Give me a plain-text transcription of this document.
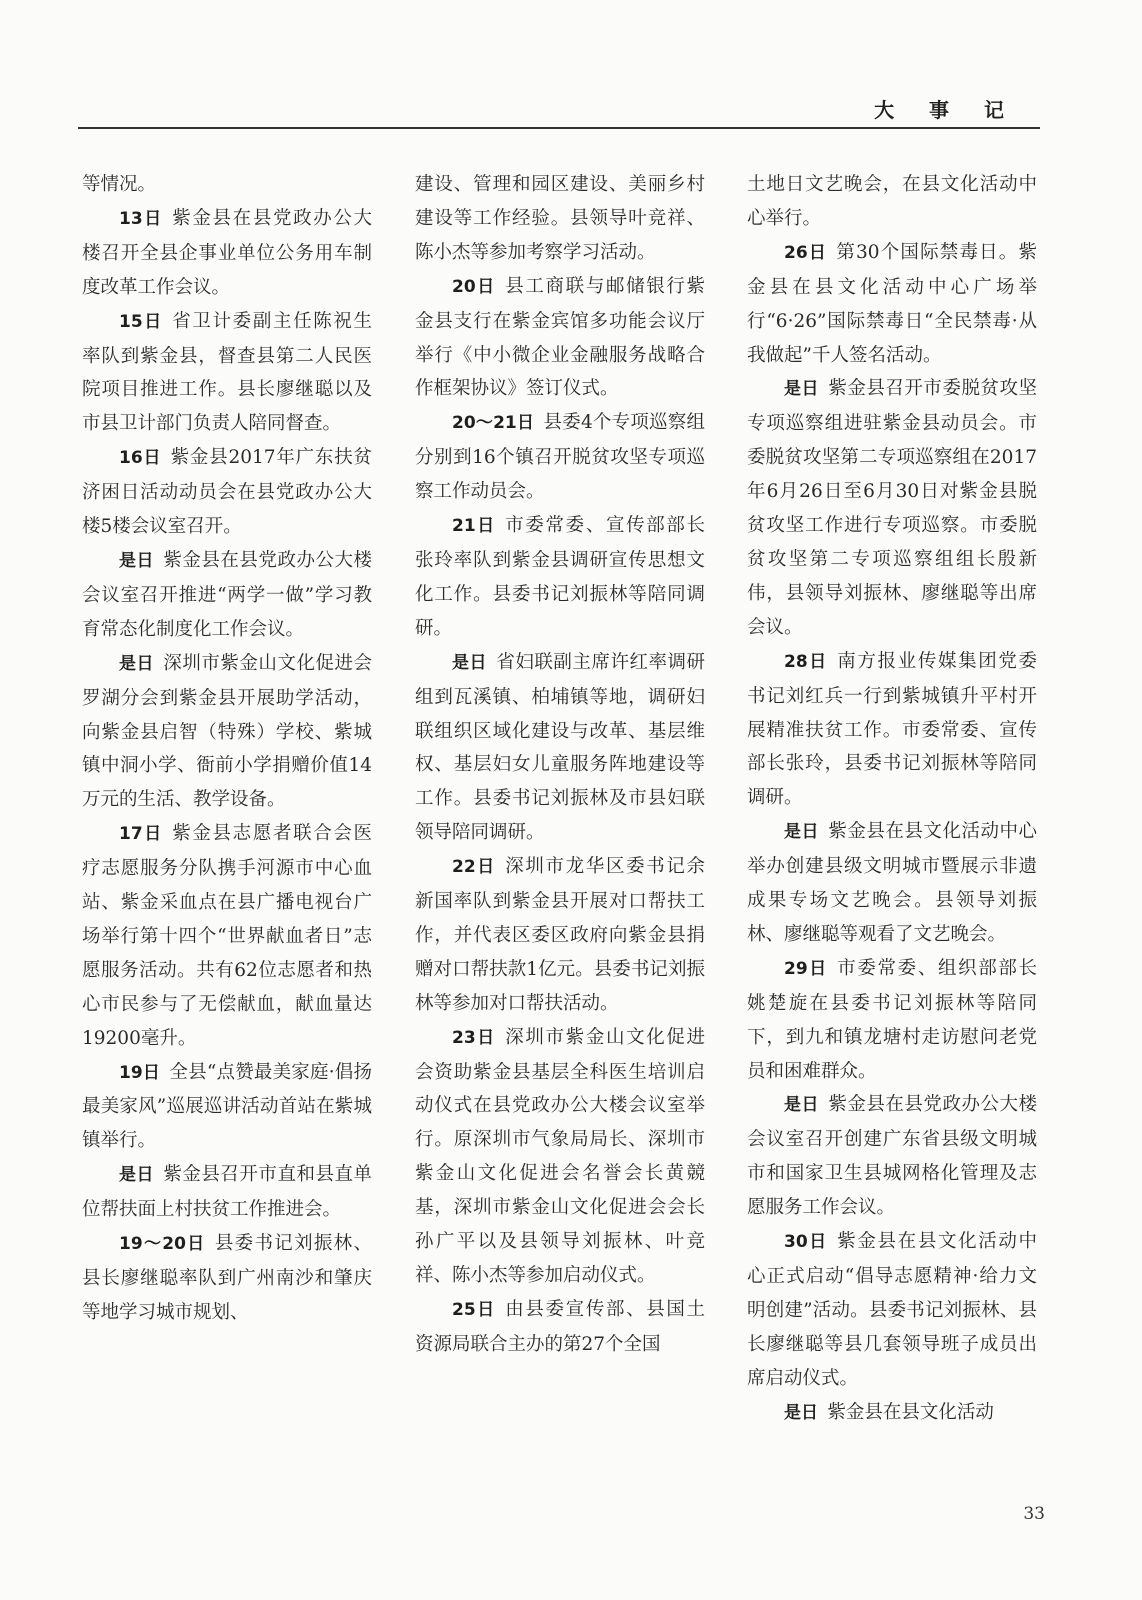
大 事 记

等情况。

13日 紫金县在县党政办公大楼召开全县企事业单位公务用车制度改革工作会议。

15日 省卫计委副主任陈祝生率队到紫金县，督查县第二人民医院项目推进工作。县长廖继聪以及市县卫计部门负责人陪同督查。

16日 紫金县2017年广东扶贫济困日活动动员会在县党政办公大楼5楼会议室召开。

是日 紫金县在县党政办公大楼会议室召开推进“两学一做”学习教育常态化制度化工作会议。

是日 深圳市紫金山文化促进会罗湖分会到紫金县开展助学活动，向紫金县启智（特殊）学校、紫城镇中洞小学、衙前小学捐赠价值14万元的生活、教学设备。

17日 紫金县志愿者联合会医疗志愿服务分队携手河源市中心血站、紫金采血点在县广播电视台广场举行第十四个“世界献血者日”志愿服务活动。共有62位志愿者和热心市民参与了无偿献血，献血量达19200毫升。

19日 全县“点赞最美家庭·倡扬最美家风”巡展巡讲活动首站在紫城镇举行。

是日 紫金县召开市直和县直单位帮扶面上村扶贫工作推进会。

19～20日 县委书记刘振林、县长廖继聪率队到广州南沙和肇庆等地学习城市规划、

建设、管理和园区建设、美丽乡村建设等工作经验。县领导叶竞祥、陈小杰等参加考察学习活动。

20日 县工商联与邮储银行紫金县支行在紫金宾馆多功能会议厅举行《中小微企业金融服务战略合作框架协议》签订仪式。

20～21日 县委4个专项巡察组分别到16个镇召开脱贫攻坚专项巡察工作动员会。

21日 市委常委、宣传部部长张玲率队到紫金县调研宣传思想文化工作。县委书记刘振林等陪同调研。

是日 省妇联副主席许红率调研组到瓦溪镇、柏埔镇等地，调研妇联组织区域化建设与改革、基层维权、基层妇女儿童服务阵地建设等工作。县委书记刘振林及市县妇联领导陪同调研。

22日 深圳市龙华区委书记余新国率队到紫金县开展对口帮扶工作，并代表区委区政府向紫金县捐赠对口帮扶款1亿元。县委书记刘振林等参加对口帮扶活动。

23日 深圳市紫金山文化促进会资助紫金县基层全科医生培训启动仪式在县党政办公大楼会议室举行。原深圳市气象局局长、深圳市紫金山文化促进会名誉会长黄競基，深圳市紫金山文化促进会会长孙广平以及县领导刘振林、叶竞祥、陈小杰等参加启动仪式。

25日 由县委宣传部、县国土资源局联合主办的第27个全国

土地日文艺晚会，在县文化活动中心举行。

26日 第30个国际禁毒日。紫金县在县文化活动中心广场举行“6·26”国际禁毒日“全民禁毒·从我做起”千人签名活动。

是日 紫金县召开市委脱贫攻坚专项巡察组进驻紫金县动员会。市委脱贫攻坚第二专项巡察组在2017年6月26日至6月30日对紫金县脱贫攻坚工作进行专项巡察。市委脱贫攻坚第二专项巡察组组长殷新伟，县领导刘振林、廖继聪等出席会议。

28日 南方报业传媒集团党委书记刘红兵一行到紫城镇升平村开展精准扶贫工作。市委常委、宣传部长张玲，县委书记刘振林等陪同调研。

是日 紫金县在县文化活动中心举办创建县级文明城市暨展示非遗成果专场文艺晚会。县领导刘振林、廖继聪等观看了文艺晚会。

29日 市委常委、组织部部长姚楚旋在县委书记刘振林等陪同下，到九和镇龙塘村走访慰问老党员和困难群众。

是日 紫金县在县党政办公大楼会议室召开创建广东省县级文明城市和国家卫生县城网格化管理及志愿服务工作会议。

30日 紫金县在县文化活动中心正式启动“倡导志愿精神·给力文明创建”活动。县委书记刘振林、县长廖继聪等县几套领导班子成员出席启动仪式。

是日 紫金县在县文化活动

33
